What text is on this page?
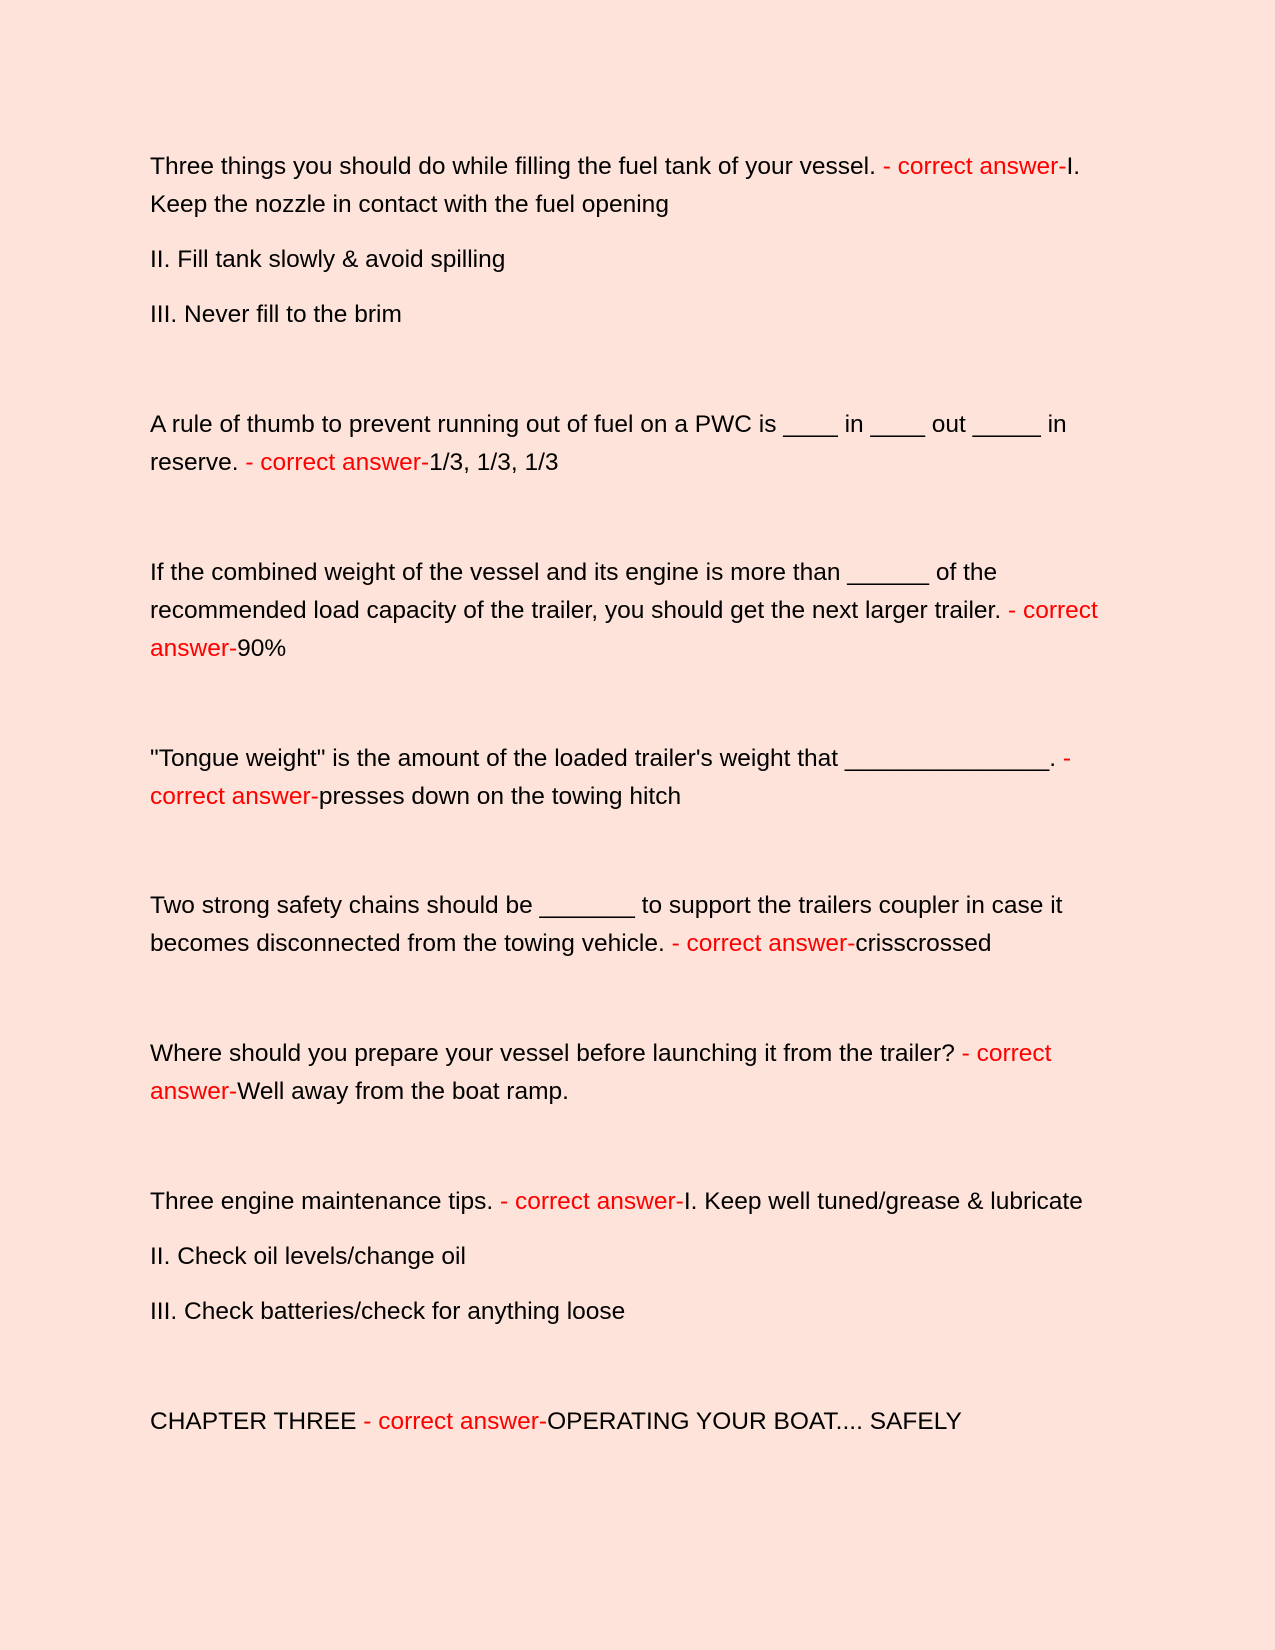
Three things you should do while filling the fuel tank of your vessel. - correct answer-I. Keep the nozzle in contact with the fuel opening

II. Fill tank slowly & avoid spilling

III. Never fill to the brim

A rule of thumb to prevent running out of fuel on a PWC is ____ in ____ out _____ in reserve. - correct answer-1/3, 1/3, 1/3

If the combined weight of the vessel and its engine is more than ______ of the recommended load capacity of the trailer, you should get the next larger trailer. - correct answer-90%

"Tongue weight" is the amount of the loaded trailer's weight that _______________. - correct answer-presses down on the towing hitch

Two strong safety chains should be _______ to support the trailers coupler in case it becomes disconnected from the towing vehicle. - correct answer-crisscrossed

Where should you prepare your vessel before launching it from the trailer? - correct answer-Well away from the boat ramp.

Three engine maintenance tips. - correct answer-I. Keep well tuned/grease & lubricate

II. Check oil levels/change oil

III. Check batteries/check for anything loose

CHAPTER THREE - correct answer-OPERATING YOUR BOAT.... SAFELY
